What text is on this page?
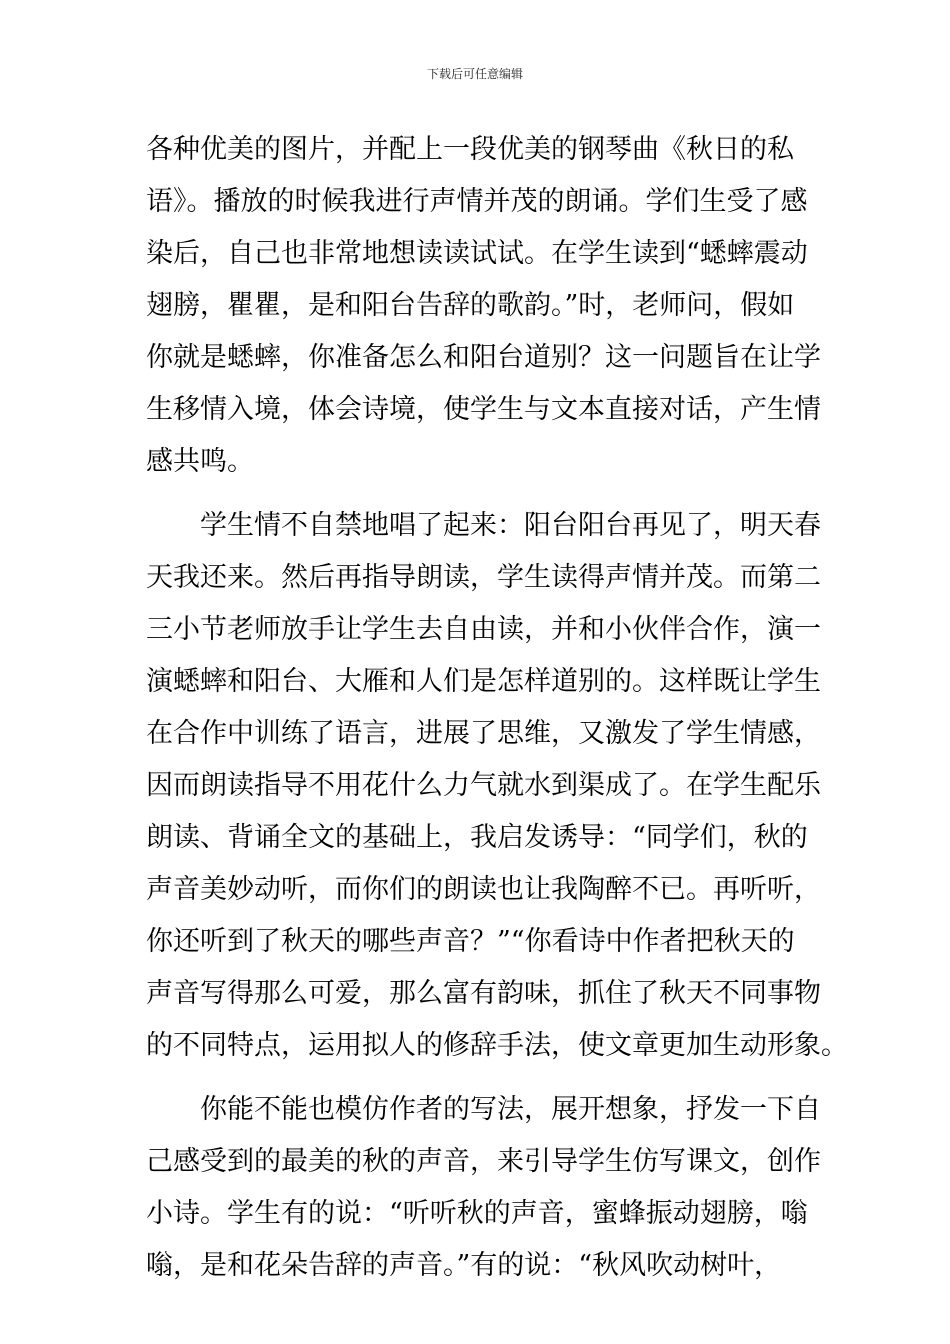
下载后可任意编辑
各种优美的图片，并配上一段优美的钢琴曲《秋日的私
语》。播放的时候我进行声情并茂的朗诵。学们生受了感
染后，自己也非常地想读读试试。在学生读到“蟋蟀震动
翅膀，瞿瞿，是和阳台告辞的歌韵。”时，老师问，假如
你就是蟋蟀，你准备怎么和阳台道别？这一问题旨在让学
生移情入境，体会诗境，使学生与文本直接对话，产生情
感共鸣。
学生情不自禁地唱了起来：阳台阳台再见了，明天春
天我还来。然后再指导朗读，学生读得声情并茂。而第二
三小节老师放手让学生去自由读，并和小伙伴合作，演一
演蟋蟀和阳台、大雁和人们是怎样道别的。这样既让学生
在合作中训练了语言，进展了思维，又激发了学生情感，
因而朗读指导不用花什么力气就水到渠成了。在学生配乐
朗读、背诵全文的基础上，我启发诱导：“同学们，秋的
声音美妙动听，而你们的朗读也让我陶醉不已。再听听，
你还听到了秋天的哪些声音？”“你看诗中作者把秋天的
声音写得那么可爱，那么富有韵味，抓住了秋天不同事物
的不同特点，运用拟人的修辞手法，使文章更加生动形象。
你能不能也模仿作者的写法，展开想象，抒发一下自
己感受到的最美的秋的声音，来引导学生仿写课文，创作
小诗。学生有的说：“听听秋的声音，蜜蜂振动翅膀，嗡
嗡，是和花朵告辞的声音。”有的说：“秋风吹动树叶，
